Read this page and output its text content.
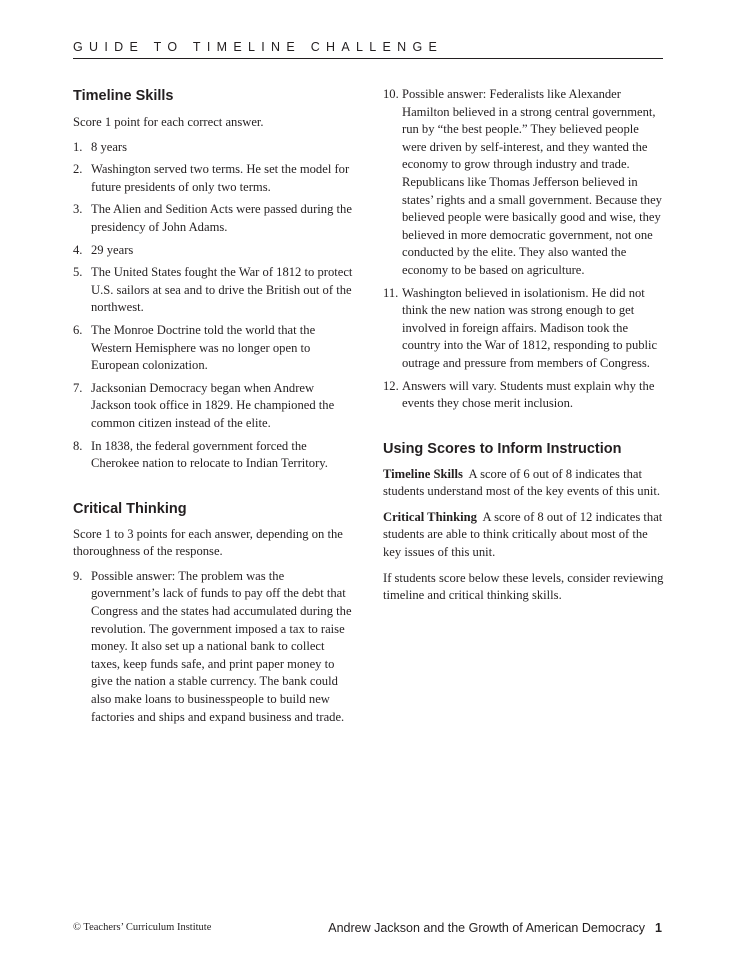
GUIDE TO TIMELINE CHALLENGE
Timeline Skills

Score 1 point for each correct answer.

1. 8 years
2. Washington served two terms. He set the model for future presidents of only two terms.
3. The Alien and Sedition Acts were passed during the presidency of John Adams.
4. 29 years
5. The United States fought the War of 1812 to protect U.S. sailors at sea and to drive the British out of the northwest.
6. The Monroe Doctrine told the world that the Western Hemisphere was no longer open to European colonization.
7. Jacksonian Democracy began when Andrew Jackson took office in 1829. He championed the common citizen instead of the elite.
8. In 1838, the federal government forced the Cherokee nation to relocate to Indian Territory.
Critical Thinking

Score 1 to 3 points for each answer, depending on the thoroughness of the response.

9. Possible answer: The problem was the government’s lack of funds to pay off the debt that Congress and the states had accumulated during the revolution. The government imposed a tax to raise money. It also set up a national bank to collect taxes, keep funds safe, and print paper money to give the nation a stable currency. The bank could also make loans to businesspeople to build new factories and ships and expand business and trade.
10. Possible answer: Federalists like Alexander Hamilton believed in a strong central government, run by “the best people.” They believed people were driven by self-interest, and they wanted the economy to grow through industry and trade. Republicans like Thomas Jefferson believed in states’ rights and a small government. Because they believed people were basically good and wise, they believed in more democratic government, not one conducted by the elite. They also wanted the economy to be based on agriculture.
11. Washington believed in isolationism. He did not think the new nation was strong enough to get involved in foreign affairs. Madison took the country into the War of 1812, responding to public outrage and pressure from members of Congress.
12. Answers will vary. Students must explain why the events they chose merit inclusion.
Using Scores to Inform Instruction

Timeline Skills A score of 6 out of 8 indicates that students understand most of the key events of this unit.

Critical Thinking A score of 8 out of 12 indicates that students are able to think critically about most of the key issues of this unit.

If students score below these levels, consider reviewing timeline and critical thinking skills.

© Teachers’ Curriculum Institute	Andrew Jackson and the Growth of American Democracy 1
